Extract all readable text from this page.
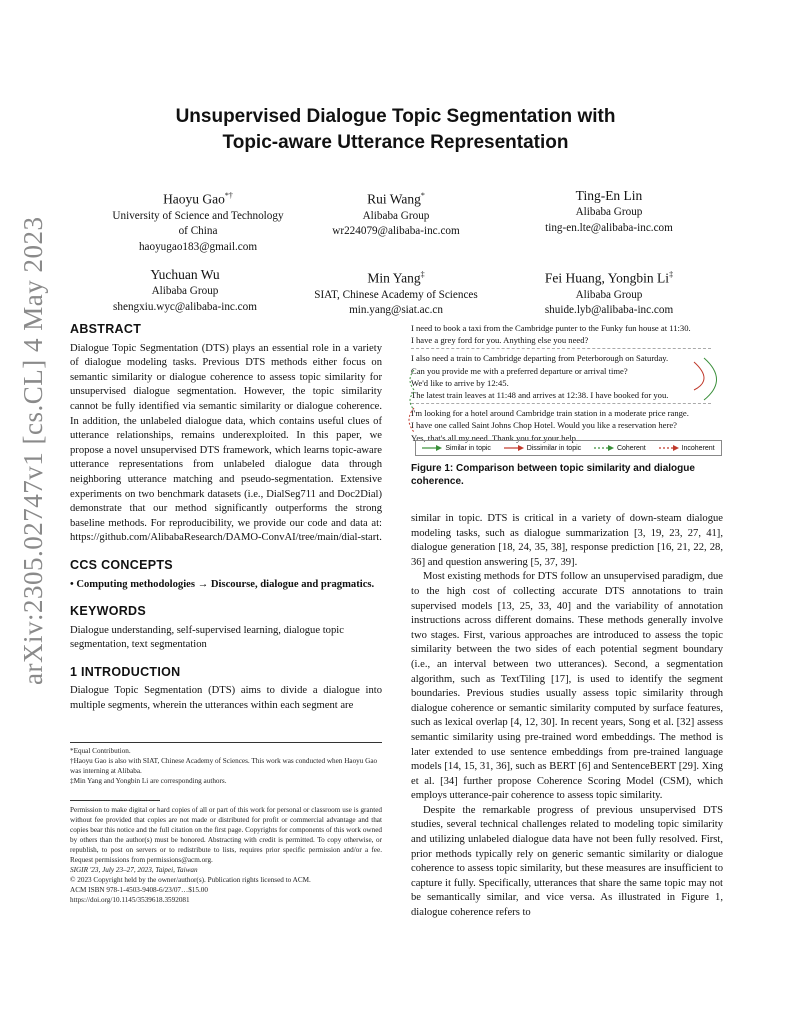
Unsupervised Dialogue Topic Segmentation with
Topic-aware Utterance Representation
Haoyu Gao*†
University of Science and Technology
of China
haoyugao183@gmail.com
Rui Wang*
Alibaba Group
wr224079@alibaba-inc.com
Ting-En Lin
Alibaba Group
ting-en.lte@alibaba-inc.com
Yuchuan Wu
Alibaba Group
shengxiu.wyc@alibaba-inc.com
Min Yang‡
SIAT, Chinese Academy of Sciences
min.yang@siat.ac.cn
Fei Huang, Yongbin Li‡
Alibaba Group
shuide.lyb@alibaba-inc.com
arXiv:2305.02747v1 [cs.CL] 4 May 2023 ABSTRACT

Dialogue Topic Segmentation (DTS) plays an essential role in a variety of dialogue modeling tasks. Previous DTS methods either focus on semantic similarity or dialogue coherence to assess topic similarity for unsupervised dialogue segmentation. However, the topic similarity cannot be fully identified via semantic similarity or dialogue coherence. In addition, the unlabeled dialogue data, which contains useful clues of utterance relationships, remains underexploited. In this paper, we propose a novel unsupervised DTS framework, which learns topic-aware utterance representations from unlabeled dialogue data through neighboring utterance matching and pseudo-segmentation. Extensive experiments on two benchmark datasets (i.e., DialSeg711 and Doc2Dial) demonstrate that our method significantly outperforms the strong baseline methods. For reproducibility, we provide our code and data at: https://github.com/AlibabaResearch/DAMO-ConvAI/tree/main/dial-start.

CCS CONCEPTS

• Computing methodologies → Discourse, dialogue and pragmatics.

KEYWORDS

Dialogue understanding, self-supervised learning, dialogue topic segmentation, text segmentation

1 INTRODUCTION

Dialogue Topic Segmentation (DTS) aims to divide a dialogue into multiple segments, wherein the utterances within each segment are

*Equal Contribution.
†Haoyu Gao is also with SIAT, Chinese Academy of Sciences. This work was conducted when Haoyu Gao was interning at Alibaba.
‡Min Yang and Yongbin Li are corresponding authors.
Permission to make digital or hard copies of all or part of this work for personal or classroom use is granted without fee provided that copies are not made or distributed for profit or commercial advantage and that copies bear this notice and the full citation on the first page. Copyrights for components of this work owned by others than the author(s) must be honored. Abstracting with credit is permitted. To copy otherwise, or republish, to post on servers or to redistribute to lists, requires prior specific permission and/or a fee. Request permissions from permissions@acm.org.
SIGIR '23, July 23–27, 2023, Taipei, Taiwan
© 2023 Copyright held by the owner/author(s). Publication rights licensed to ACM.
ACM ISBN 978-1-4503-9408-6/23/07…$15.00
https://doi.org/10.1145/3539618.3592081
I need to book a taxi from the Cambridge punter to the Funky fun house at 11:30.
I have a grey ford for you. Anything else you need?
I also need a train to Cambridge departing from Peterborough on Saturday.
Can you provide me with a preferred departure or arrival time?
We'd like to arrive by 12:45.
The latest train leaves at 11:48 and arrives at 12:38. I have booked for you.
I'm looking for a hotel around Cambridge train station in a moderate price range.
I have one called Saint Johns Chop Hotel. Would you like a reservation here?
Yes, that's all my need. Thank you for your help.
Similar in topic	Dissimilar in topic	Coherent	Incoherent
Figure 1: Comparison between topic similarity and dialogue coherence.

similar in topic. DTS is critical in a variety of down-steam dialogue modeling tasks, such as dialogue summarization [3, 19, 23, 27, 41], dialogue generation [18, 24, 35, 38], response prediction [16, 21, 22, 28, 36] and question answering [5, 37, 39].

Most existing methods for DTS follow an unsupervised paradigm, due to the high cost of collecting accurate DTS annotations to train supervised models [13, 25, 33, 40] and the variability of annotation instructions across different domains. These methods generally involve two stages. First, various approaches are introduced to assess the topic similarity between the two sides of each potential segment boundary (i.e., an interval between two utterances). Second, a segmentation algorithm, such as TextTiling [17], is used to identify the segment boundaries. Previous studies usually assess topic similarity through dialogue coherence or semantic similarity computed by surface features, such as lexical overlap [4, 12, 30]. In recent years, Song et al. [32] assess semantic similarity using pre-trained word embeddings. The method is later extended to use sentence embeddings from pre-trained language models [14, 15, 31, 36], such as BERT [6] and SentenceBERT [29]. Xing et al. [34] further propose Coherence Scoring Model (CSM), which employs utterance-pair coherence to assess topic similarity.

Despite the remarkable progress of previous unsupervised DTS studies, several technical challenges related to modeling topic similarity and utilizing unlabeled dialogue data have not been fully resolved. First, prior methods typically rely on generic semantic similarity or dialogue coherence to assess topic similarity, but these measures are insufficient to capture it fully. Specifically, utterances that share the same topic may not be semantically similar, and vice versa. As illustrated in Figure 1, dialogue coherence refers to
